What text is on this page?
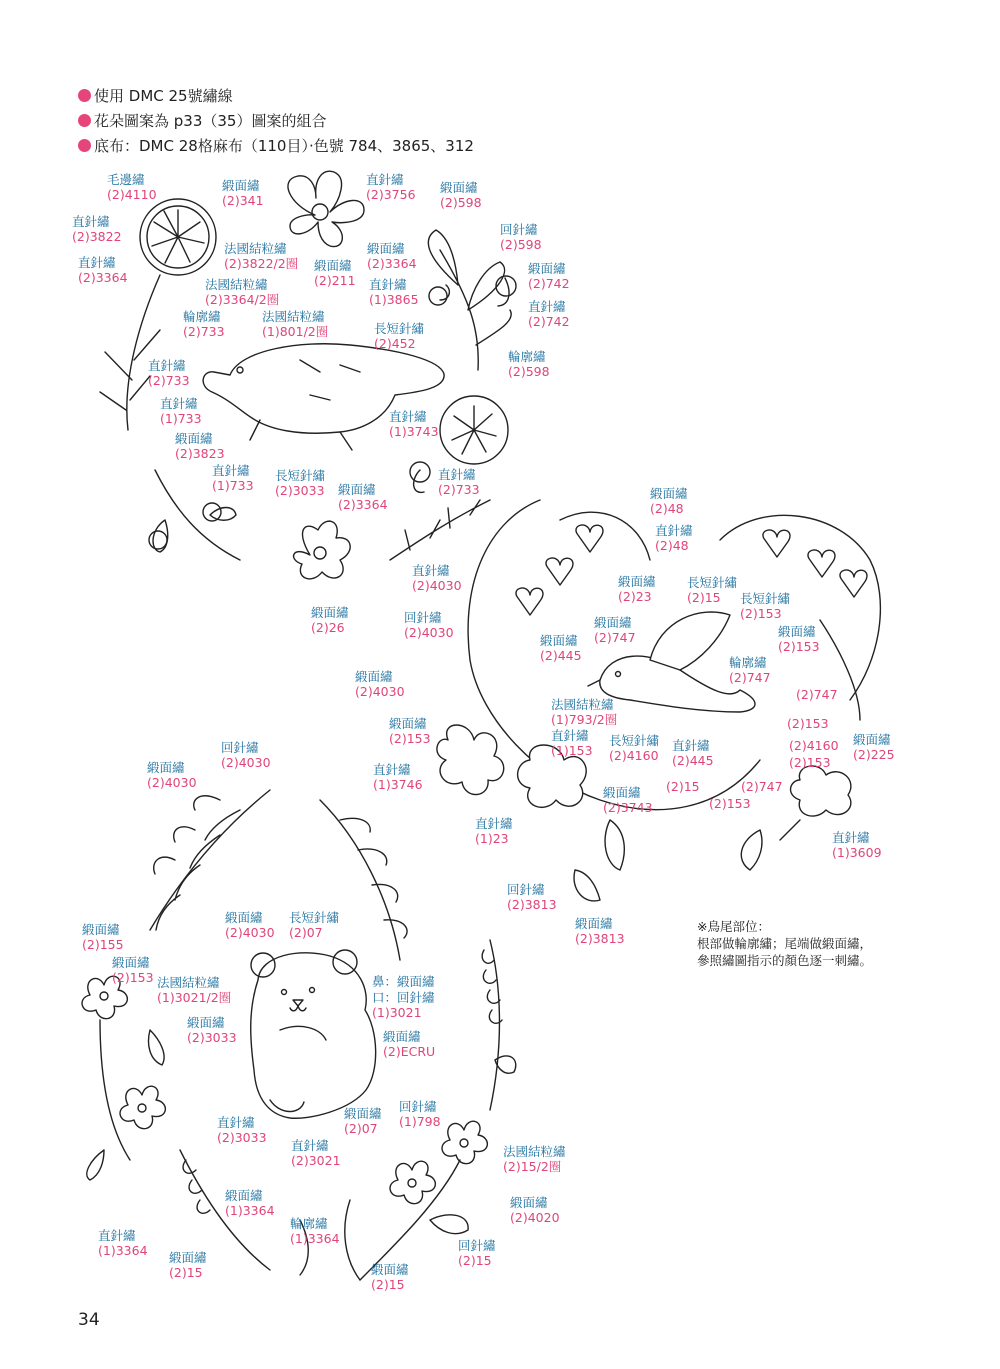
使用 DMC 25號繡線
花朵圖案為 p33（35）圖案的組合
底布：DMC 28格麻布（110目）‧色號 784、3865、312
毛邊繡
(2)4110
緞面繡
(2)341
直針繡
(2)3756 緞面繡
(2)598
直針繡
(2)3822	回針繡
(2)598
法國結粒繡
(2)3822/2圈
緞面繡
(2)3364
直針繡
(2)3364
緞面繡
(2)211
緞面繡
(2)742
法國結粒繡
(2)3364/2圈
直針繡
(1)3865	直針繡
(2)742
輪廓繡
(2)733
法國結粒繡
(1)801/2圈	長短針繡
(2)452
輪廓繡
(2)598
直針繡
(2)733
直針繡
(1)733	直針繡
(1)3743
緞面繡
(2)3823
直針繡
(1)733
長短針繡
(2)3033 緞面繡
(2)3364
直針繡
(2)733	緞面繡
(2)48
直針繡
(2)48
直針繡
(2)4030	緞面繡
(2)23
長短針繡
(2)15	長短針繡
(2)153
緞面繡
(2)26
回針繡
(2)4030
緞面繡
(2)747	緞面繡
(2)153
緞面繡
(2)445	輪廓繡
(2)747
緞面繡
(2)4030	(2)747
法國結粒繡
(1)793/2圈
緞面繡
(2)153
(2)153
直針繡
(1)153
長短針繡
(2)4160
直針繡
(2)445
(2)4160 緞面繡
(2)225
回針繡
(2)4030
緞面繡
(2)4030
直針繡
(1)3746
(2)153
(2)15	(2)747
緞面繡
(2)3743	(2)153
直針繡
(1)23	直針繡
(1)3609
回針繡
(2)3813
緞面繡
(2)3813
緞面繡
(2)4030
長短針繡
(2)07
緞面繡
(2)155
緞面繡
(2)153 法國結粒繡
(1)3021/2圈
鼻：緞面繡
口：回針繡
(1)3021
緞面繡
(2)3033	緞面繡
(2)ECRU
緞面繡
(2)07
回針繡
(1)798
直針繡
(2)3033
直針繡
(2)3021
法國結粒繡
(2)15/2圈
緞面繡
(1)3364
緞面繡
(2)4020
輪廓繡
(1)3364	回針繡
(2)15
直針繡
(1)3364 緞面繡
(2)15	緞面繡
(2)15
※鳥尾部位：
根部做輪廓繡；尾端做緞面繡，
參照繡圖指示的顏色逐一刺繡。
34
